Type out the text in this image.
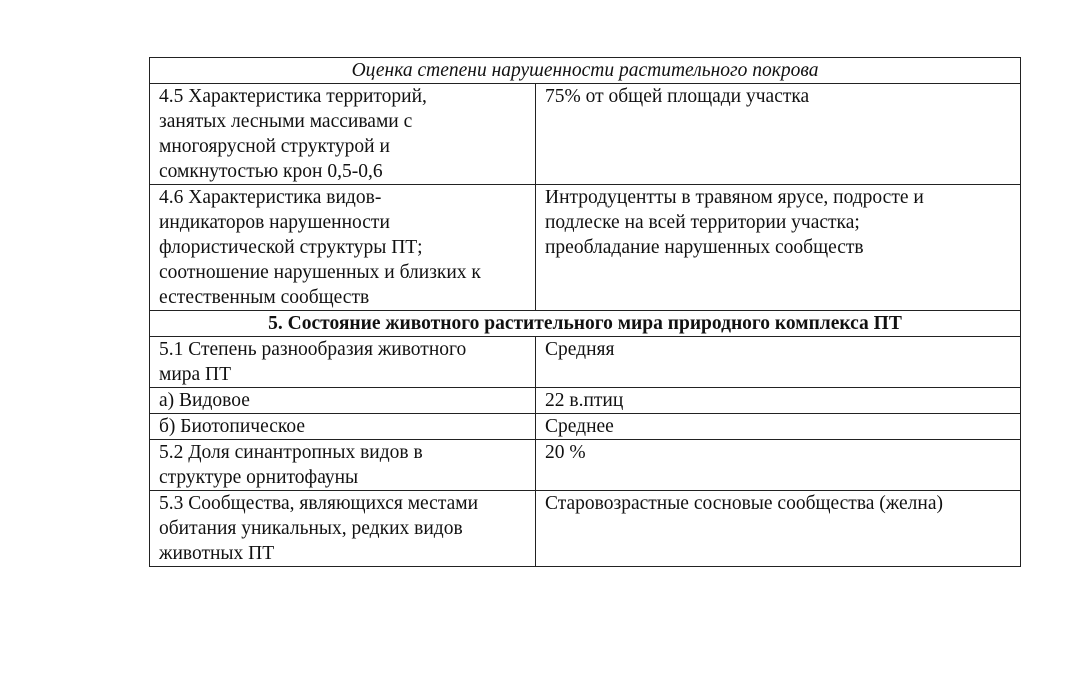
Оценка степени нарушенности растительного покрова	
4.5 Характеристика территорий,
занятых лесными массивами с
многоярусной структурой и
сомкнутостью крон 0,5-0,6	75% от общей площади участка
4.6 Характеристика видов-
индикаторов нарушенности
флористической структуры ПТ;
соотношение нарушенных и близких к
естественным сообществ	Интродуцентты в травяном ярусе, подросте и
подлеске на всей территории участка;
преобладание нарушенных сообществ
5. Состояние животного растительного мира природного комплекса ПТ	
5.1 Степень разнообразия животного
мира ПТ	Средняя
а) Видовое	22 в.птиц
б) Биотопическое	Среднее
5.2 Доля синантропных видов в
структуре орнитофауны	20 %
5.3 Сообщества, являющихся местами
обитания уникальных, редких видов
животных ПТ	Старовозрастные сосновые сообщества (желна)
